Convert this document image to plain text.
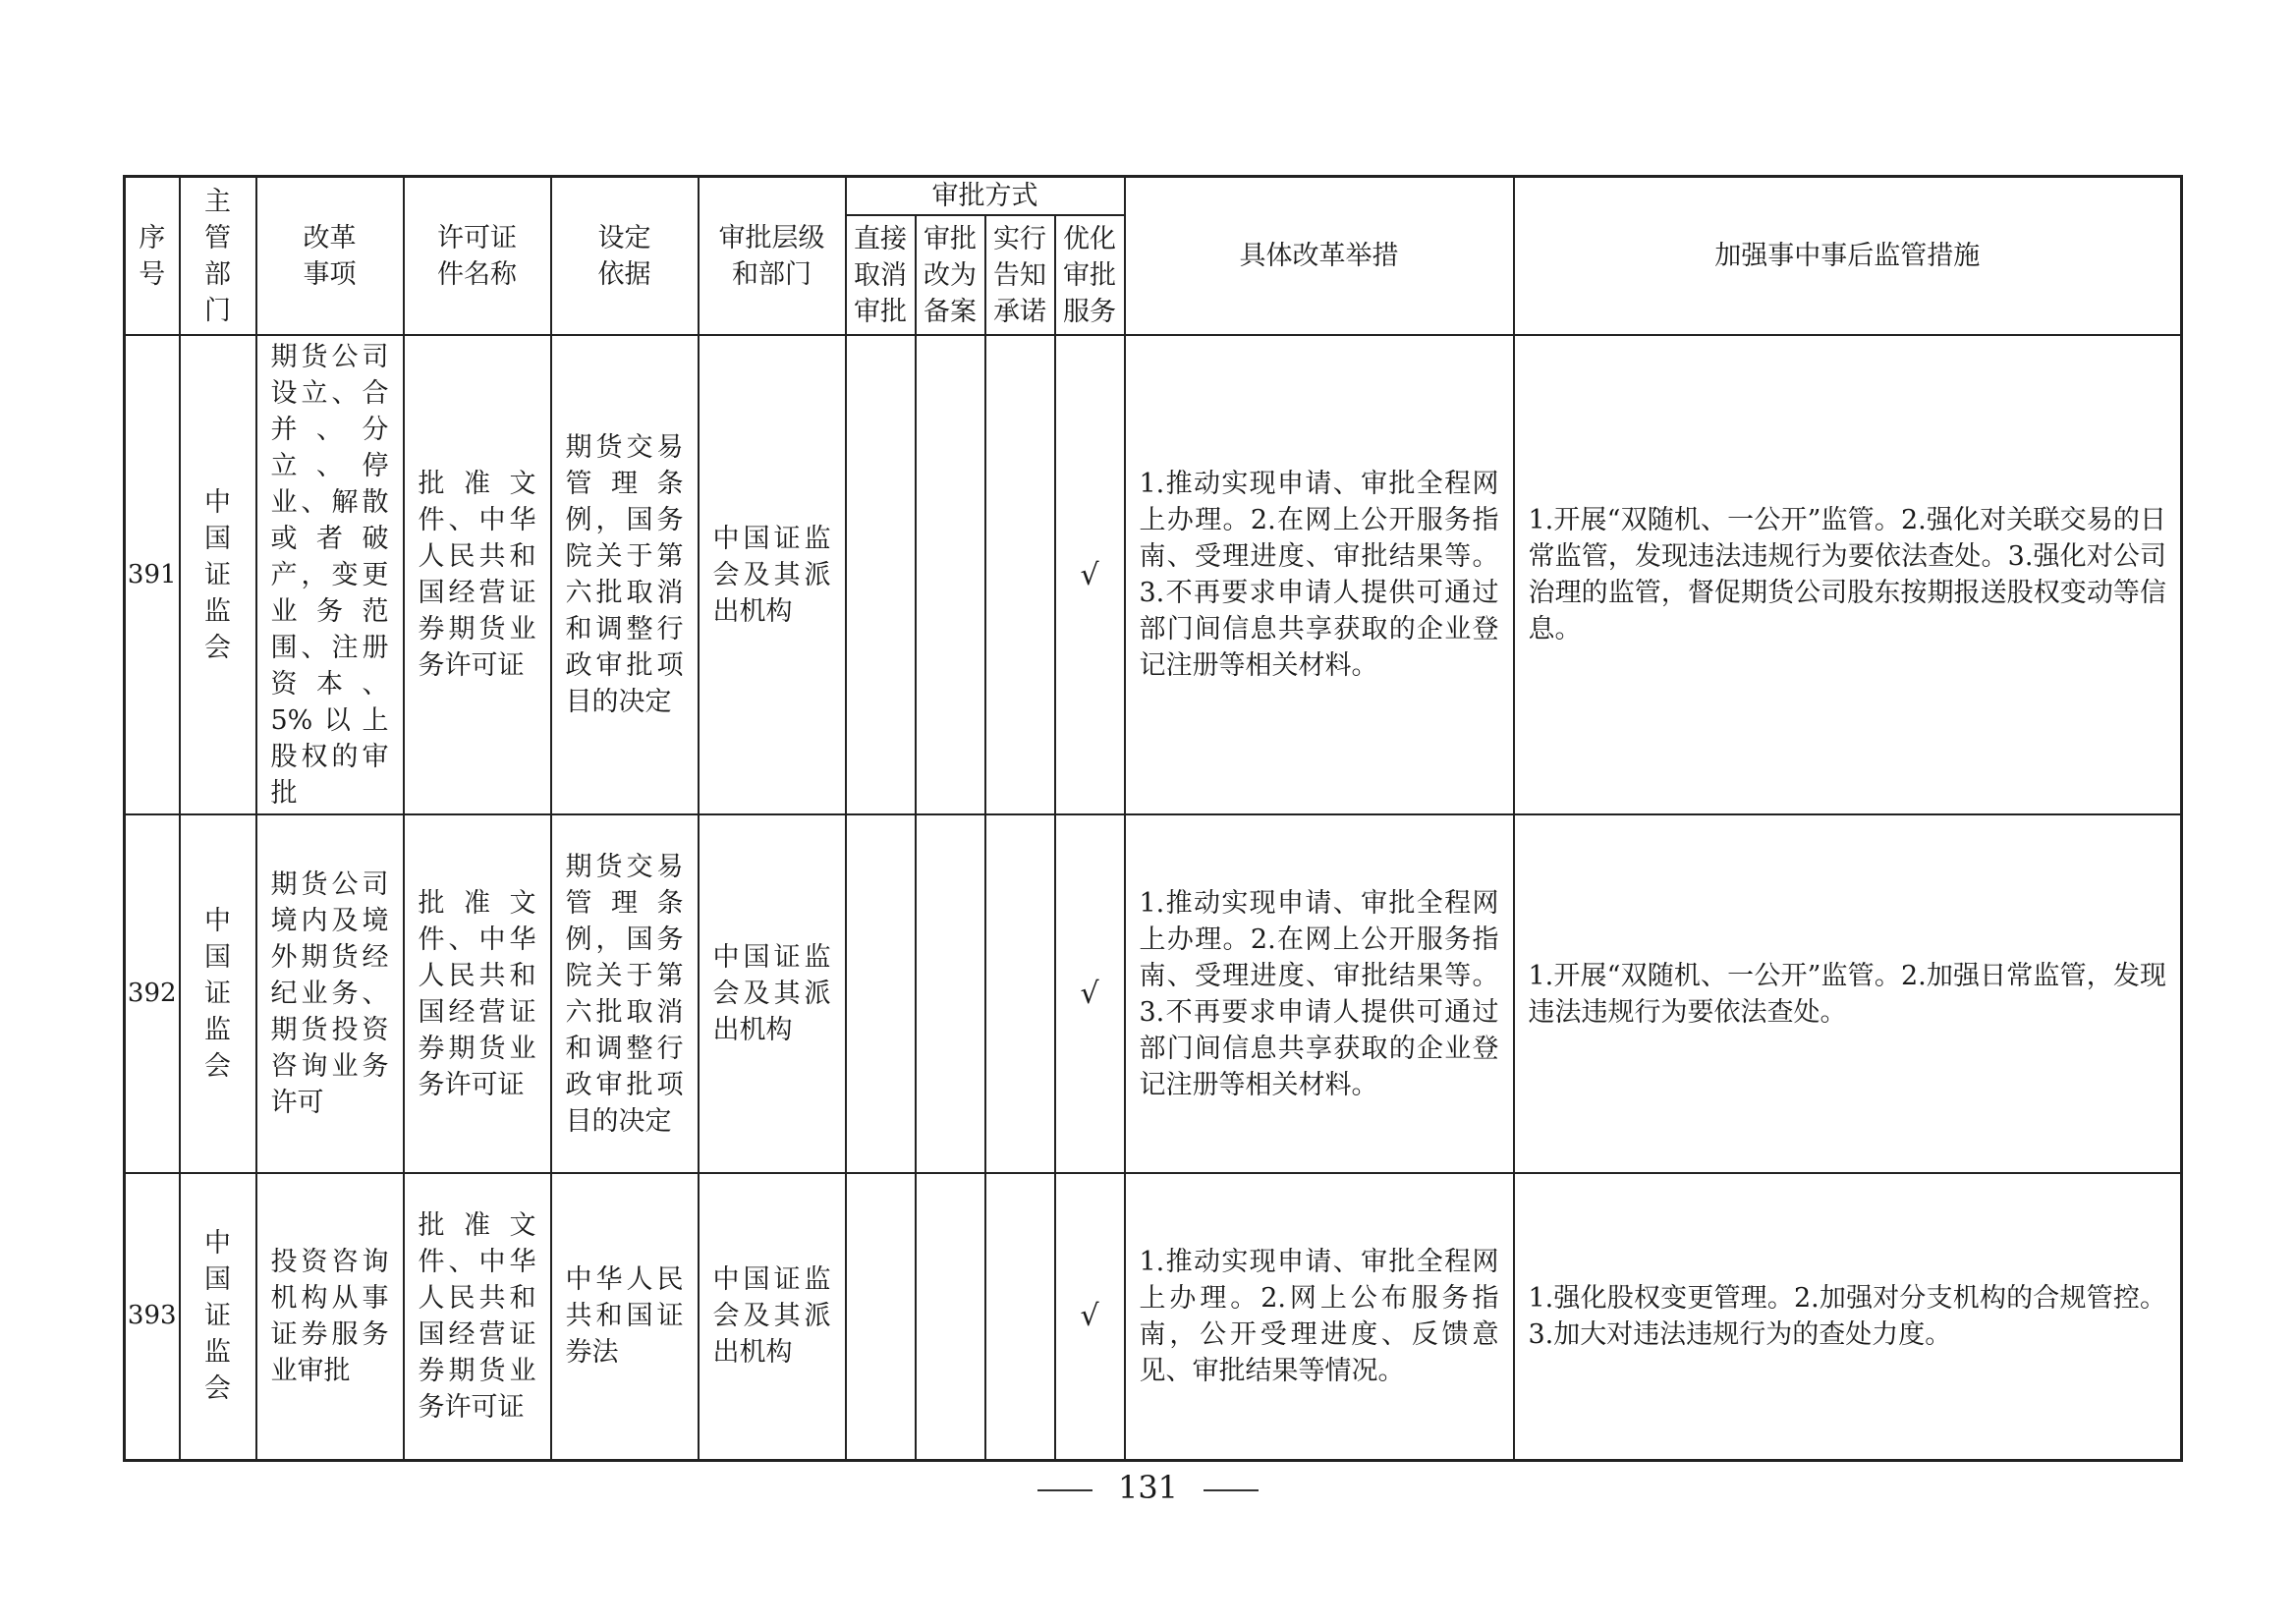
序号	主管部门	改革事项	许可证件名称	设定依据	审批层级和部门	审批方式				具体改革举措	加强事中事后监管措施

						直接取消审批	审批改为备案	实行告知承诺	优化审批服务		

391	中国证监会	期货公司设立、合并、分立、停业、解散或者破产，变更业务范围、注册资本、5%以上股权的审批	批准文件、中华人民共和国经营证券期货业务许可证	期货交易管理条例，国务院关于第六批取消和调整行政审批项目的决定	中国证监会及其派出机构				√	1.推动实现申请、审批全程网上办理。2.在网上公开服务指南、受理进度、审批结果等。3.不再要求申请人提供可通过部门间信息共享获取的企业登记注册等相关材料。	1.开展“双随机、一公开”监管。2.强化对关联交易的日常监管，发现违法违规行为要依法查处。3.强化对公司治理的监管，督促期货公司股东按期报送股权变动等信息。
392	中国证监会	期货公司境内及境外期货经纪业务、期货投资咨询业务许可	批准文件、中华人民共和国经营证券期货业务许可证	期货交易管理条例，国务院关于第六批取消和调整行政审批项目的决定	中国证监会及其派出机构				√	1.推动实现申请、审批全程网上办理。2.在网上公开服务指南、受理进度、审批结果等。3.不再要求申请人提供可通过部门间信息共享获取的企业登记注册等相关材料。	1.开展“双随机、一公开”监管。2.加强日常监管，发现违法违规行为要依法查处。
393	中国证监会	投资咨询机构从事证券服务业审批	批准文件、中华人民共和国经营证券期货业务许可证	中华人民共和国证券法	中国证监会及其派出机构				√	1.推动实现申请、审批全程网上办理。2.网上公布服务指南，公开受理进度、反馈意见、审批结果等情况。	1.强化股权变更管理。2.加强对分支机构的合规管控。3.加大对违法违规行为的查处力度。
131
